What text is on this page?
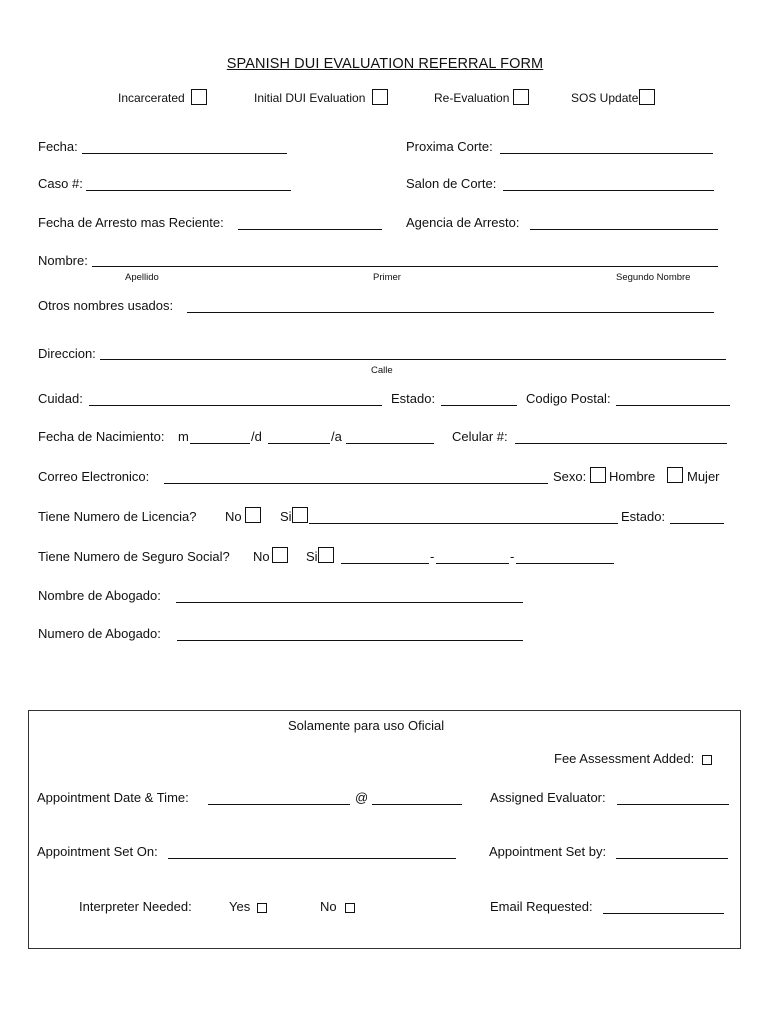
SPANISH DUI EVALUATION REFERRAL FORM
Incarcerated	Initial DUI Evaluation	Re-Evaluation	SOS Update
Fecha:	Proxima Corte:
Caso #:	Salon de Corte:
Fecha de Arresto mas Reciente:	Agencia de Arresto:
Nombre:
Apellido	Primer	Segundo Nombre
Otros nombres usados:
Direccion:
Calle
Cuidad:	Estado:	Codigo Postal:
Fecha de Nacimiento: m	/d	/a	Celular #:
Correo Electronico:	Sexo: Hombre Mujer
Tiene Numero de Licencia? No	Si	Estado:
Tiene Numero de Seguro Social? No	Si	-	-
Nombre de Abogado:
Numero de Abogado:
Solamente para uso Oficial
Fee Assessment Added:
Appointment Date & Time:	@	Assigned Evaluator:
Appointment Set On:	Appointment Set by:
Interpreter Needed:	Yes	No	Email Requested:
